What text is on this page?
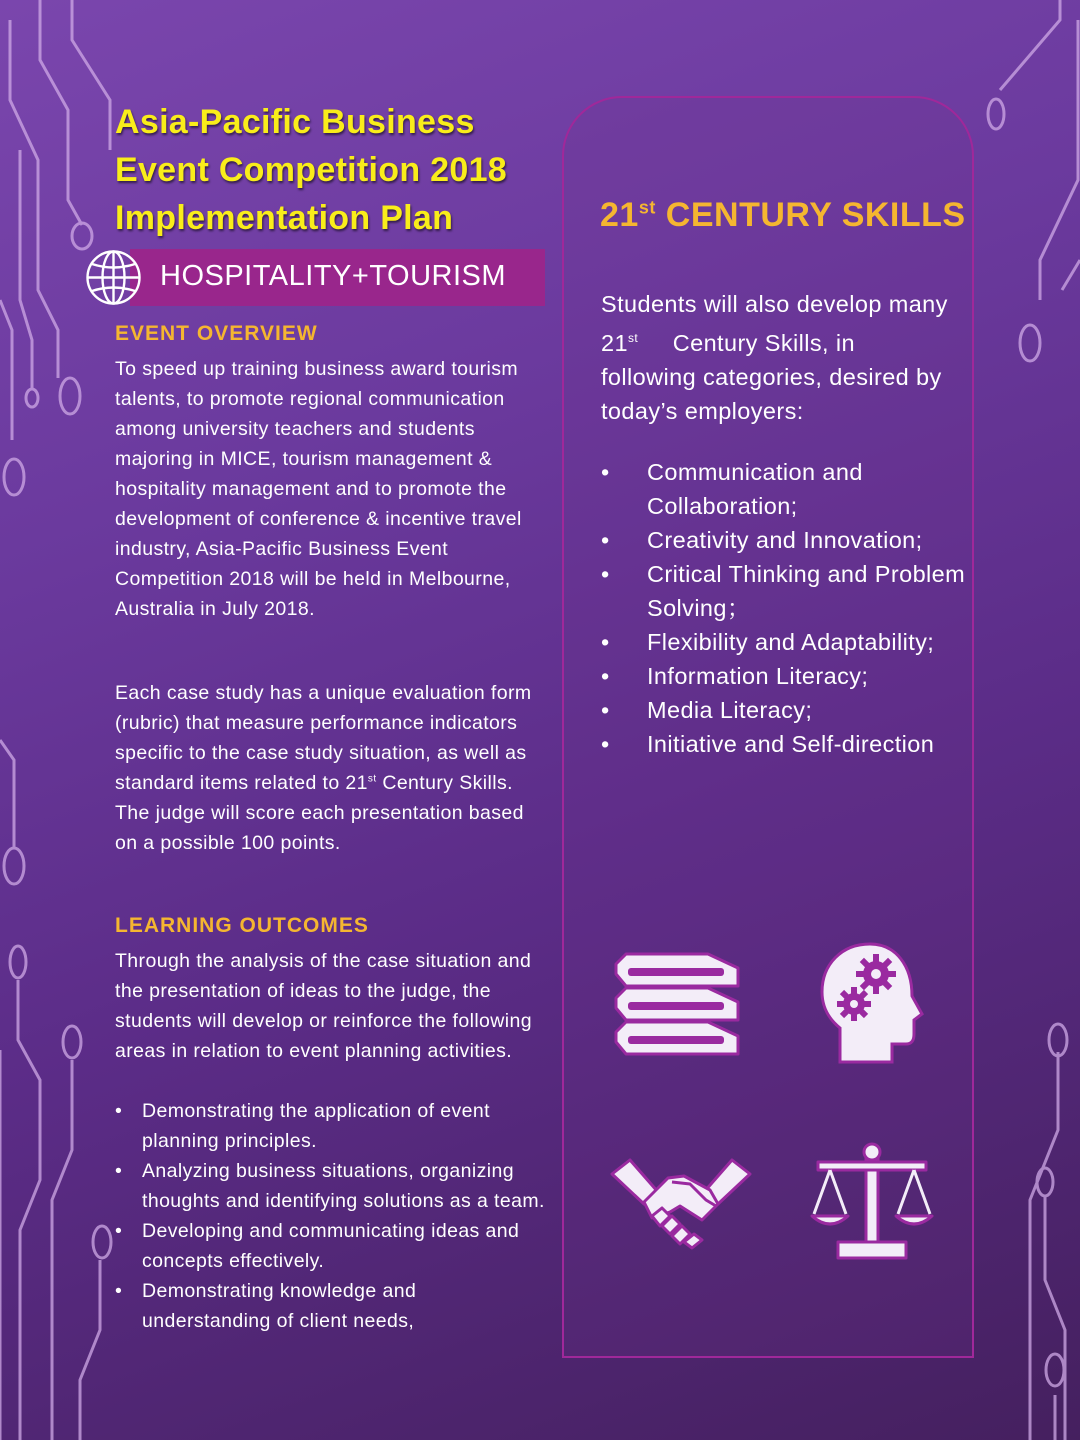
Asia-Pacific Business
Event Competition 2018
Implementation Plan
HOSPITALITY+TOURISM
EVENT OVERVIEW

To speed up training business award tourism talents, to promote regional communication among university teachers and students majoring in MICE, tourism management & hospitality management and to promote the development of conference & incentive travel industry, Asia-Pacific Business Event Competition 2018 will be held in Melbourne, Australia in July 2018.

Each case study has a unique evaluation form (rubric) that measure performance indicators specific to the case study situation, as well as standard items related to 21st Century Skills. The judge will score each presentation based on a possible 100 points.

LEARNING OUTCOMES

Through the analysis of the case situation and the presentation of ideas to the judge, the students will develop or reinforce the following areas in relation to event planning activities.

• Demonstrating the application of event planning principles.
• Analyzing business situations, organizing thoughts and identifying solutions as a team.
• Developing and communicating ideas and concepts effectively.
• Demonstrating knowledge and understanding of client needs,
21st CENTURY SKILLS

Students will also develop many 21st     Century Skills, in following categories, desired by today’s employers:

• Communication and Collaboration;
• Creativity and Innovation;
• Critical Thinking and Problem Solving；
• Flexibility and Adaptability;
• Information Literacy;
• Media Literacy;
• Initiative and Self-direction
